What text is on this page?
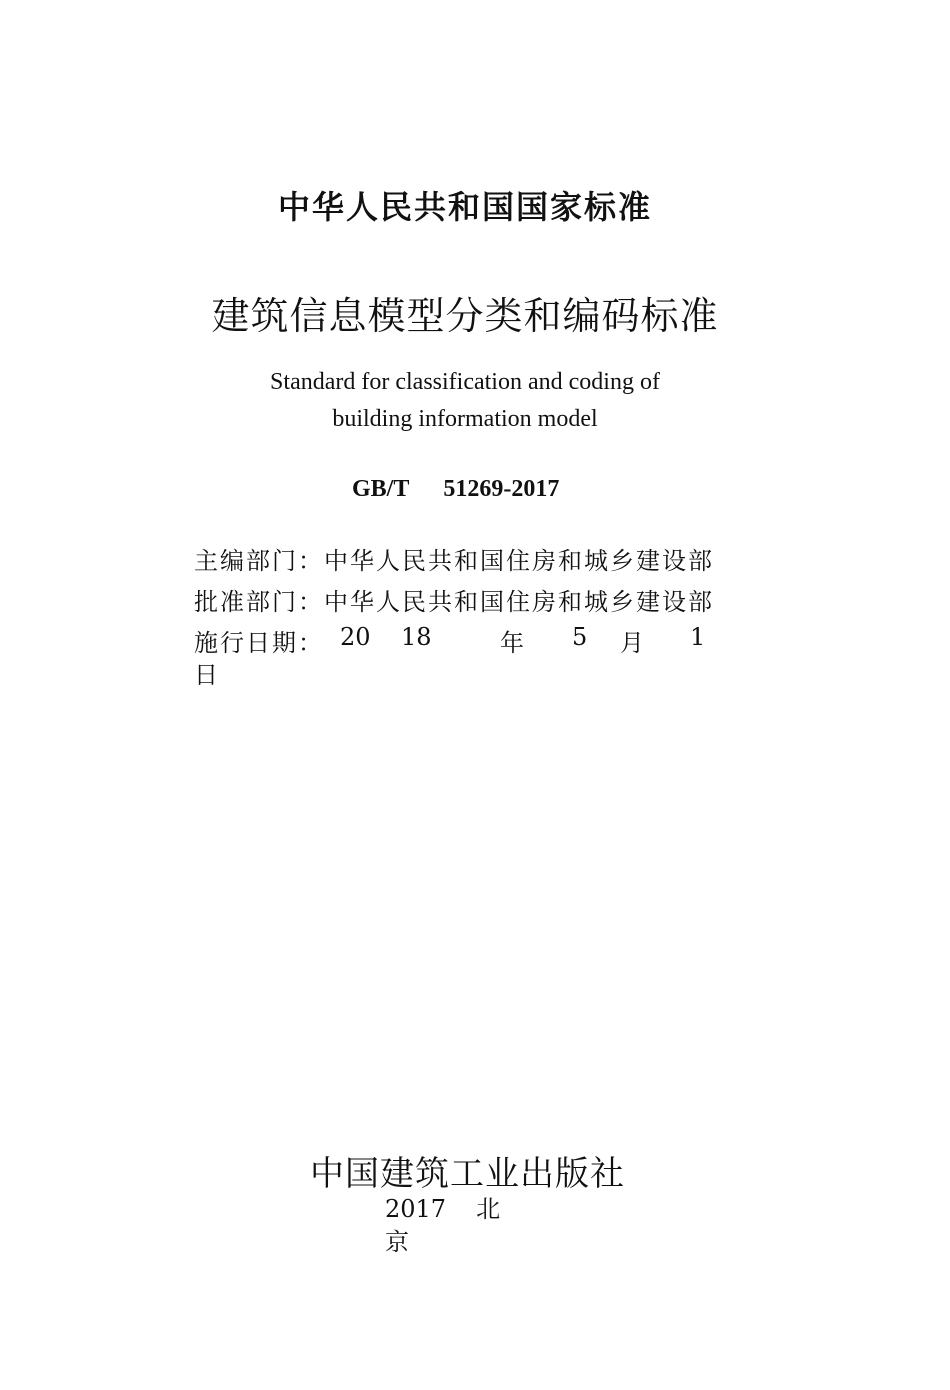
中华人民共和国国家标准
建筑信息模型分类和编码标准
Standard for classification and coding of
building information model
GB/T 51269-2017
主编部门：中华人民共和国住房和城乡建设部
批准部门：中华人民共和国住房和城乡建设部
施行日期： 20 18	年 5 月 1
日
中国建筑工业出版社
2017 北
京
